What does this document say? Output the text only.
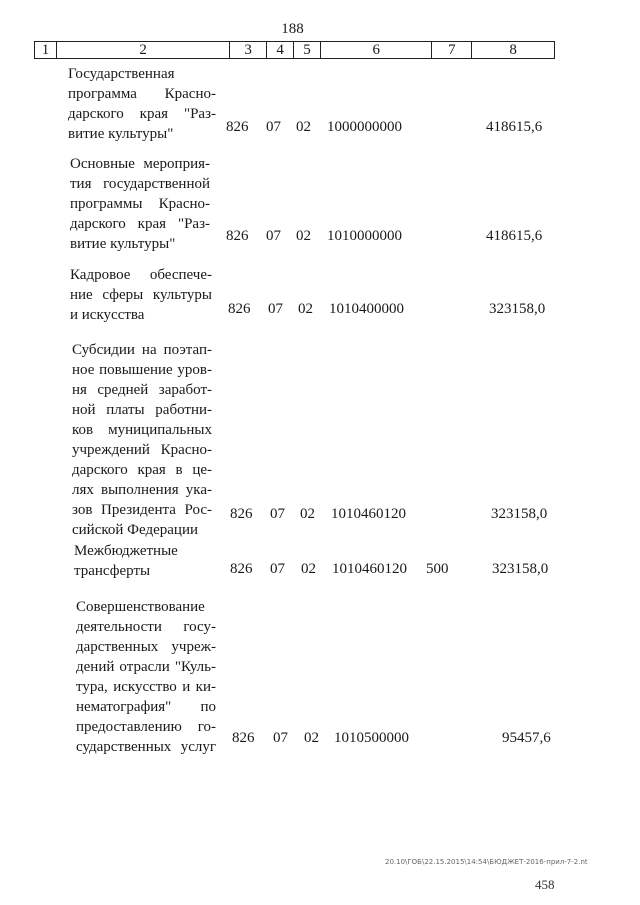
188
1	2	3	4	5	6	7	8
Государственная
программа Красно-
дарского края "Раз-
витие культуры"	826 07 02 1000000000	418615,6
Основные мероприя-
тия государственной
программы Красно-
дарского края "Раз-
витие культуры"	826 07 02 1010000000	418615,6
Кадровое обеспече-
ние сферы культуры
и искусства	826 07 02 1010400000	323158,0
Субсидии на поэтап-
ное повышение уров-
ня средней заработ-
ной платы работни-
ков муниципальных
учреждений Красно-
дарского края в це-
лях выполнения ука-
зов Президента Рос-
сийской Федерации
826 07 02 1010460120	323158,0
Межбюджетные
трансферты	826 07 02 1010460120 500	323158,0
Совершенствование
деятельности госу-
дарственных учреж-
дений отрасли "Куль-
тура, искусство и ки-
нематография" по
предоставлению го-
сударственных услуг
826 07 02 1010500000	95457,6
20.10\ГОБ\22.15.2015\14:54\БЮДЖЕТ-2016-прил-7-2.nt
458
